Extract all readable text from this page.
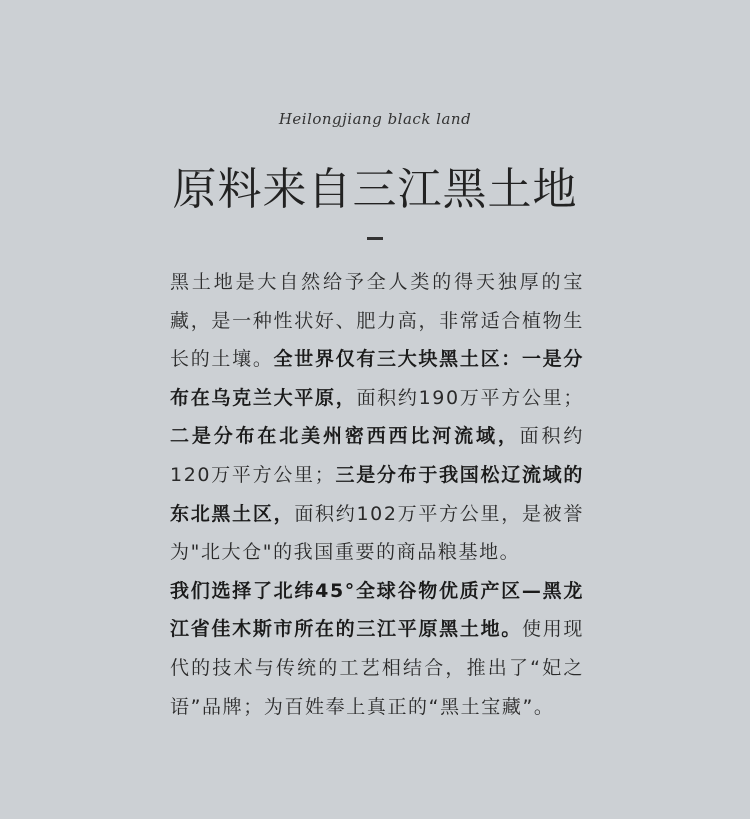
Heilongjiang black land
原料来自三江黑土地

黑土地是大自然给予全人类的得天独厚的宝藏，是一种性状好、肥力高，非常适合植物生长的土壤。全世界仅有三大块黑土区：一是分布在乌克兰大平原，面积约190万平方公里；二是分布在北美州密西西比河流域，面积约120万平方公里；三是分布于我国松辽流域的东北黑土区，面积约102万平方公里，是被誉为"北大仓"的我国重要的商品粮基地。

我们选择了北纬45°全球谷物优质产区—黑龙江省佳木斯市所在的三江平原黑土地。使用现代的技术与传统的工艺相结合，推出了“妃之语”品牌；为百姓奉上真正的“黑土宝藏”。
